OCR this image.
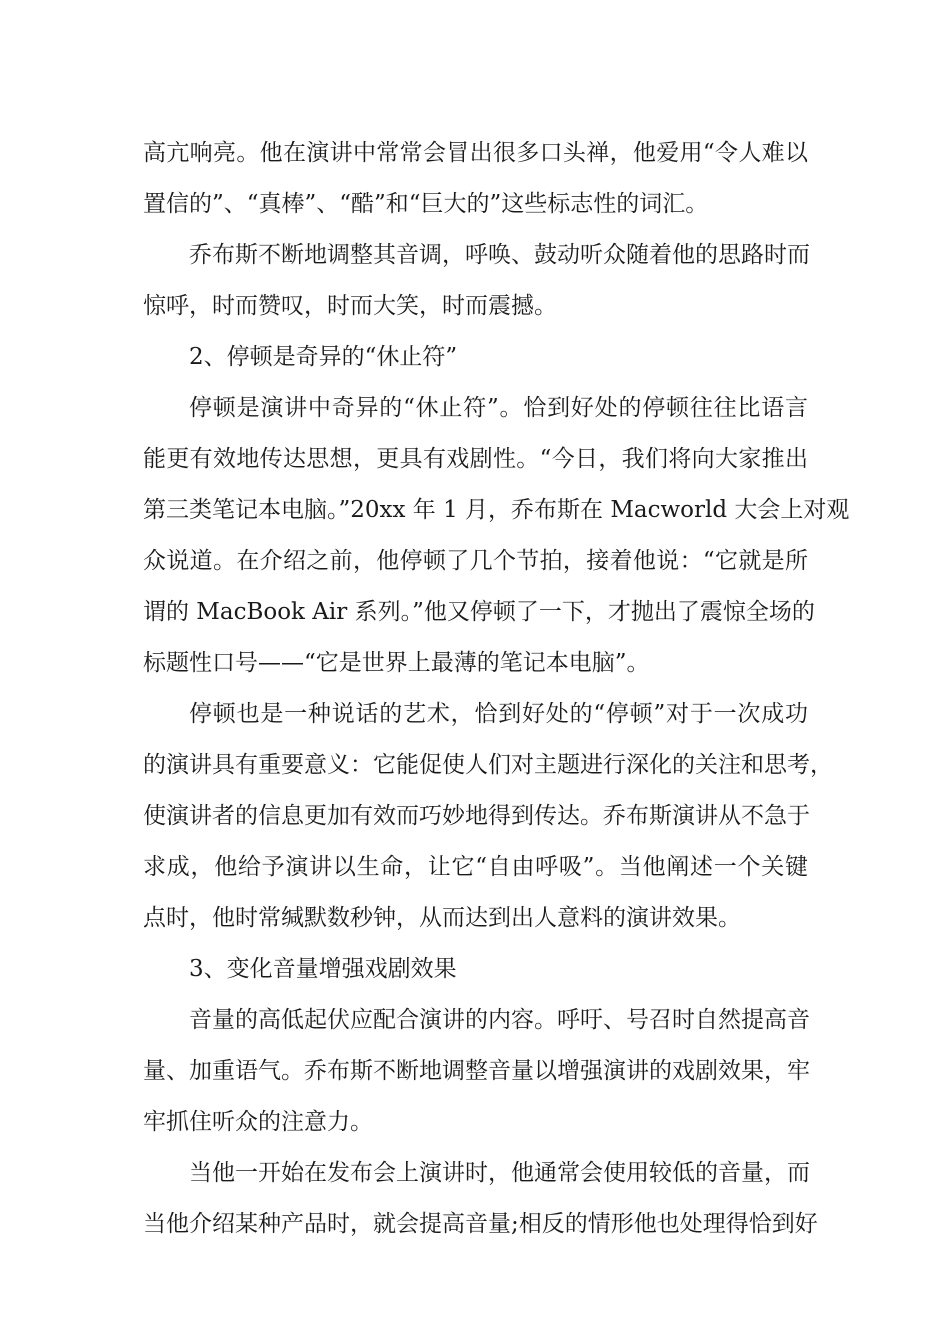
高亢响亮。他在演讲中常常会冒出很多口头禅，他爱用“令人难以
置信的”、“真棒”、“酷”和“巨大的”这些标志性的词汇。
乔布斯不断地调整其音调，呼唤、鼓动听众随着他的思路时而
惊呼，时而赞叹，时而大笑，时而震撼。
2、停顿是奇异的“休止符”
停顿是演讲中奇异的“休止符”。恰到好处的停顿往往比语言
能更有效地传达思想，更具有戏剧性。“今日，我们将向大家推出
第三类笔记本电脑。”20xx 年 1 月，乔布斯在 Macworld 大会上对观
众说道。在介绍之前，他停顿了几个节拍，接着他说：“它就是所
谓的 MacBook Air 系列。”他又停顿了一下，才抛出了震惊全场的
标题性口号——“它是世界上最薄的笔记本电脑”。
停顿也是一种说话的艺术，恰到好处的“停顿”对于一次成功
的演讲具有重要意义：它能促使人们对主题进行深化的关注和思考，
使演讲者的信息更加有效而巧妙地得到传达。乔布斯演讲从不急于
求成，他给予演讲以生命，让它“自由呼吸”。当他阐述一个关键
点时，他时常缄默数秒钟，从而达到出人意料的演讲效果。
3、变化音量增强戏剧效果
音量的高低起伏应配合演讲的内容。呼吁、号召时自然提高音
量、加重语气。乔布斯不断地调整音量以增强演讲的戏剧效果，牢
牢抓住听众的注意力。
当他一开始在发布会上演讲时，他通常会使用较低的音量，而
当他介绍某种产品时，就会提高音量;相反的情形他也处理得恰到好
